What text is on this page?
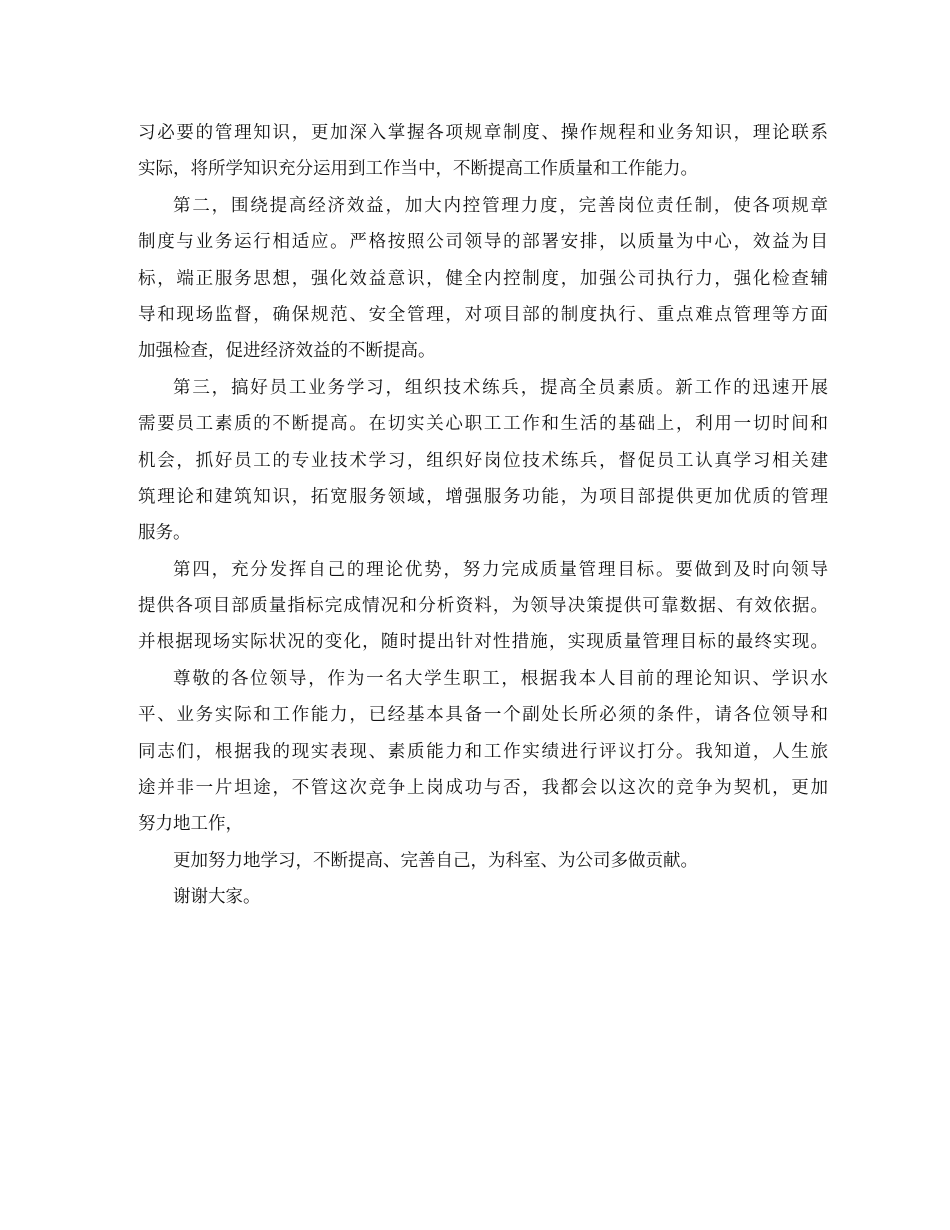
习必要的管理知识，更加深入掌握各项规章制度、操作规程和业务知识，理论联系
实际，将所学知识充分运用到工作当中，不断提高工作质量和工作能力。
第二，围绕提高经济效益，加大内控管理力度，完善岗位责任制，使各项规章
制度与业务运行相适应。严格按照公司领导的部署安排，以质量为中心，效益为目
标，端正服务思想，强化效益意识，健全内控制度，加强公司执行力，强化检查辅
导和现场监督，确保规范、安全管理，对项目部的制度执行、重点难点管理等方面
加强检查，促进经济效益的不断提高。
第三，搞好员工业务学习，组织技术练兵，提高全员素质。新工作的迅速开展
需要员工素质的不断提高。在切实关心职工工作和生活的基础上，利用一切时间和
机会，抓好员工的专业技术学习，组织好岗位技术练兵，督促员工认真学习相关建
筑理论和建筑知识，拓宽服务领域，增强服务功能，为项目部提供更加优质的管理
服务。
第四，充分发挥自己的理论优势，努力完成质量管理目标。要做到及时向领导
提供各项目部质量指标完成情况和分析资料，为领导决策提供可靠数据、有效依据。
并根据现场实际状况的变化，随时提出针对性措施，实现质量管理目标的最终实现。
尊敬的各位领导，作为一名大学生职工，根据我本人目前的理论知识、学识水
平、业务实际和工作能力，已经基本具备一个副处长所必须的条件，请各位领导和
同志们，根据我的现实表现、素质能力和工作实绩进行评议打分。我知道，人生旅
途并非一片坦途，不管这次竞争上岗成功与否，我都会以这次的竞争为契机，更加
努力地工作，
更加努力地学习，不断提高、完善自己，为科室、为公司多做贡献。
谢谢大家。
